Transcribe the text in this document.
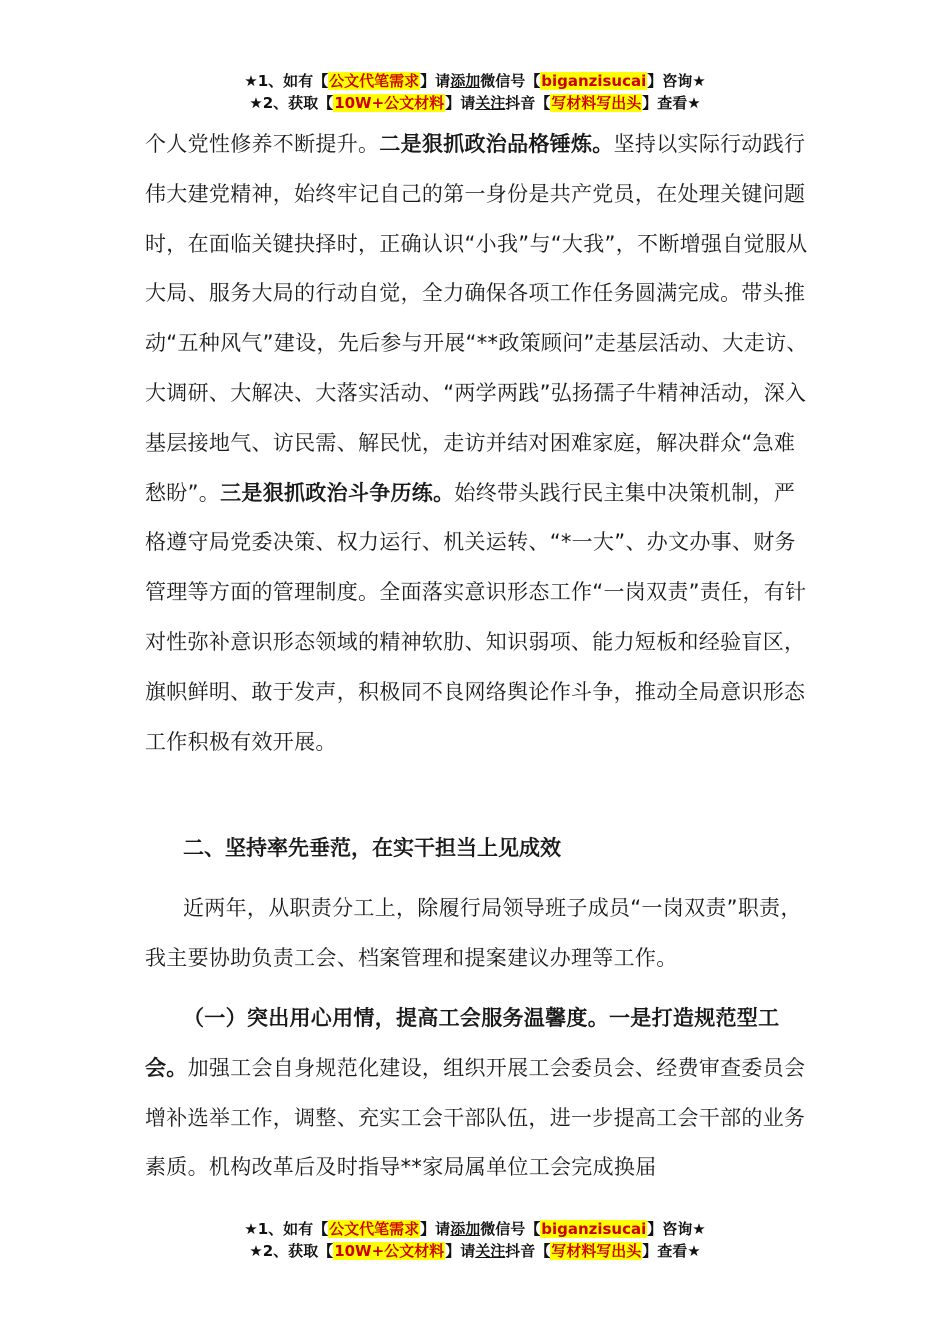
★1、如有【公文代笔需求】请添加微信号【biganzisucai】咨询★
★2、获取【10W+公文材料】请关注抖音【写材料写出头】查看★
个人党性修养不断提升。二是狠抓政治品格锤炼。坚持以实际行动践行伟大建党精神，始终牢记自己的第一身份是共产党员，在处理关键问题时，在面临关键抉择时，正确认识“小我”与“大我”，不断增强自觉服从大局、服务大局的行动自觉，全力确保各项工作任务圆满完成。带头推动“五种风气”建设，先后参与开展“**政策顾问”走基层活动、大走访、大调研、大解决、大落实活动、“两学两践”弘扬孺子牛精神活动，深入基层接地气、访民需、解民忧，走访并结对困难家庭，解决群众“急难愁盼”。三是狠抓政治斗争历练。始终带头践行民主集中决策机制，严格遵守局党委决策、权力运行、机关运转、“*一大”、办文办事、财务管理等方面的管理制度。全面落实意识形态工作“一岗双责”责任，有针对性弥补意识形态领域的精神软肋、知识弱项、能力短板和经验盲区，旗帜鲜明、敢于发声，积极同不良网络舆论作斗争，推动全局意识形态工作积极有效开展。
二、坚持率先垂范，在实干担当上见成效
近两年，从职责分工上，除履行局领导班子成员“一岗双责”职责，我主要协助负责工会、档案管理和提案建议办理等工作。
（一）突出用心用情，提高工会服务温馨度。一是打造规范型工会。加强工会自身规范化建设，组织开展工会委员会、经费审查委员会增补选举工作，调整、充实工会干部队伍，进一步提高工会干部的业务素质。机构改革后及时指导**家局属单位工会完成换届
★1、如有【公文代笔需求】请添加微信号【biganzisucai】咨询★
★2、获取【10W+公文材料】请关注抖音【写材料写出头】查看★
